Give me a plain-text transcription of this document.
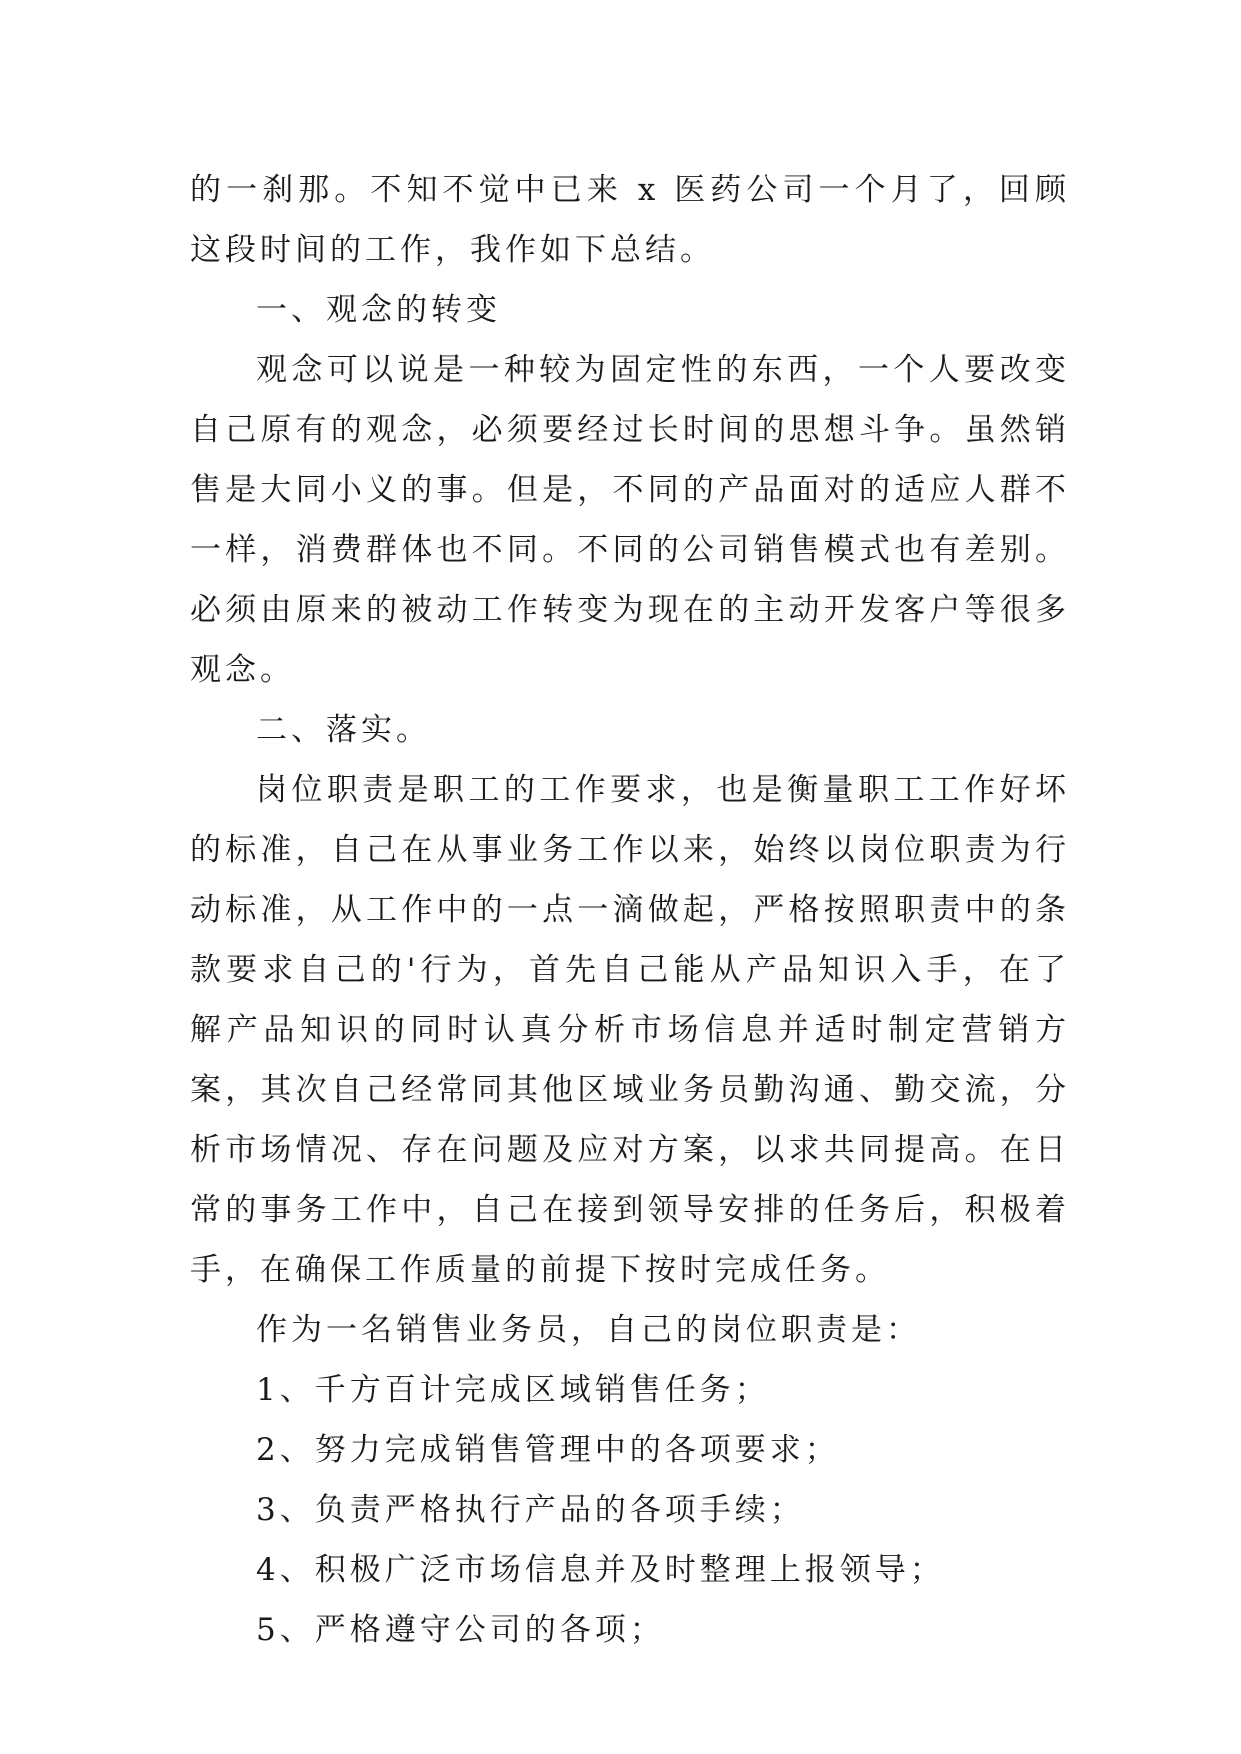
的一刹那。不知不觉中已来 x 医药公司一个月了，回顾这段时间的工作，我作如下总结。

一、观念的转变

观念可以说是一种较为固定性的东西，一个人要改变自己原有的观念，必须要经过长时间的思想斗争。虽然销售是大同小义的事。但是，不同的产品面对的适应人群不一样，消费群体也不同。不同的公司销售模式也有差别。必须由原来的被动工作转变为现在的主动开发客户等很多观念。

二、落实。

岗位职责是职工的工作要求，也是衡量职工工作好坏的标准，自己在从事业务工作以来，始终以岗位职责为行动标准，从工作中的一点一滴做起，严格按照职责中的条款要求自己的'行为，首先自己能从产品知识入手，在了解产品知识的同时认真分析市场信息并适时制定营销方案，其次自己经常同其他区域业务员勤沟通、勤交流，分析市场情况、存在问题及应对方案，以求共同提高。在日常的事务工作中，自己在接到领导安排的任务后，积极着手，在确保工作质量的前提下按时完成任务。

作为一名销售业务员，自己的岗位职责是：

1、千方百计完成区域销售任务；

2、努力完成销售管理中的各项要求；

3、负责严格执行产品的各项手续；

4、积极广泛市场信息并及时整理上报领导；

5、严格遵守公司的各项；
